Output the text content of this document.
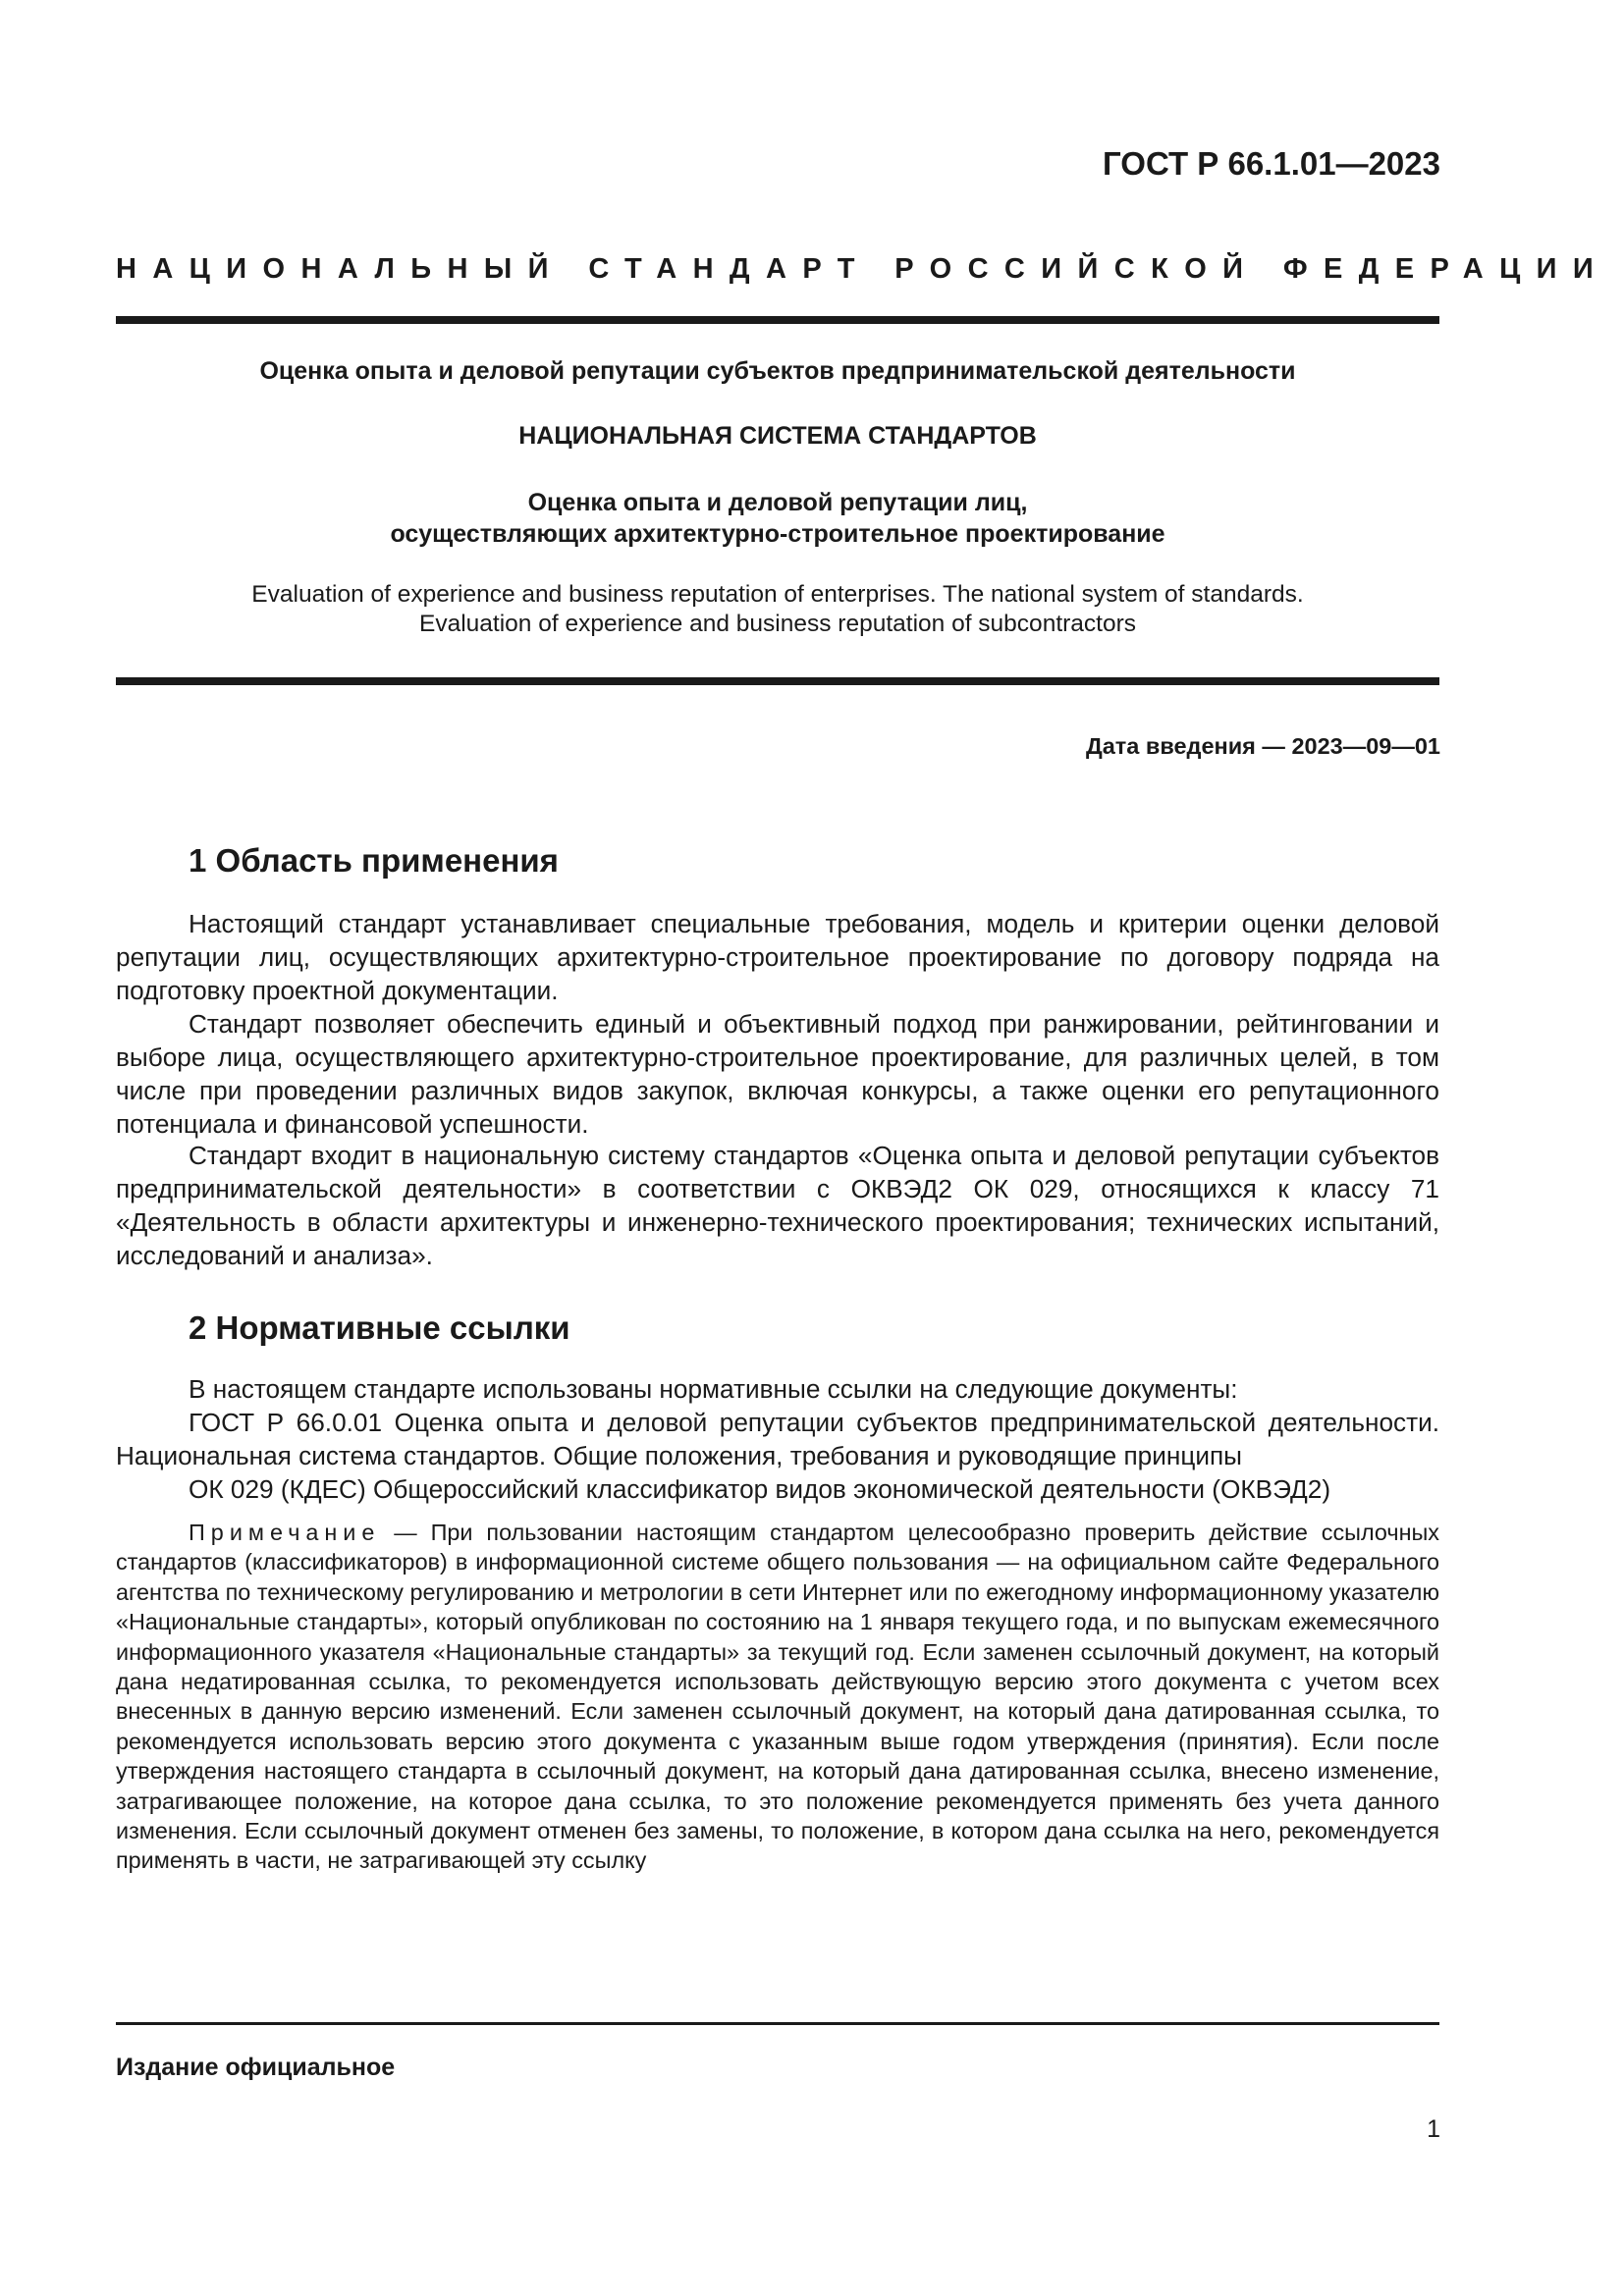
ГОСТ Р 66.1.01—2023
НАЦИОНАЛЬНЫЙ СТАНДАРТ РОССИЙСКОЙ ФЕДЕРАЦИИ
Оценка опыта и деловой репутации субъектов предпринимательской деятельности
НАЦИОНАЛЬНАЯ СИСТЕМА СТАНДАРТОВ
Оценка опыта и деловой репутации лиц,
осуществляющих архитектурно-строительное проектирование
Evaluation of experience and business reputation of enterprises. The national system of standards.
Evaluation of experience and business reputation of subcontractors
Дата введения — 2023—09—01
1 Область применения

Настоящий стандарт устанавливает специальные требования, модель и критерии оценки деловой репутации лиц, осуществляющих архитектурно-строительное проектирование по договору подряда на подготовку проектной документации.

Стандарт позволяет обеспечить единый и объективный подход при ранжировании, рейтинговании и выборе лица, осуществляющего архитектурно-строительное проектирование, для различных целей, в том числе при проведении различных видов закупок, включая конкурсы, а также оценки его репутационного потенциала и финансовой успешности.

Стандарт входит в национальную систему стандартов «Оценка опыта и деловой репутации субъектов предпринимательской деятельности» в соответствии с ОКВЭД2 ОК 029, относящихся к классу 71 «Деятельность в области архитектуры и инженерно-технического проектирования; технических испытаний, исследований и анализа».

2 Нормативные ссылки

В настоящем стандарте использованы нормативные ссылки на следующие документы:

ГОСТ Р 66.0.01 Оценка опыта и деловой репутации субъектов предпринимательской деятельности. Национальная система стандартов. Общие положения, требования и руководящие принципы

ОК 029 (КДЕС) Общероссийский классификатор видов экономической деятельности (ОКВЭД2)

Примечание — При пользовании настоящим стандартом целесообразно проверить действие ссылочных стандартов (классификаторов) в информационной системе общего пользования — на официальном сайте Федерального агентства по техническому регулированию и метрологии в сети Интернет или по ежегодному информационному указателю «Национальные стандарты», который опубликован по состоянию на 1 января текущего года, и по выпускам ежемесячного информационного указателя «Национальные стандарты» за текущий год. Если заменен ссылочный документ, на который дана недатированная ссылка, то рекомендуется использовать действующую версию этого документа с учетом всех внесенных в данную версию изменений. Если заменен ссылочный документ, на который дана датированная ссылка, то рекомендуется использовать версию этого документа с указанным выше годом утверждения (принятия). Если после утверждения настоящего стандарта в ссылочный документ, на который дана датированная ссылка, внесено изменение, затрагивающее положение, на которое дана ссылка, то это положение рекомендуется применять без учета данного изменения. Если ссылочный документ отменен без замены, то положение, в котором дана ссылка на него, рекомендуется применять в части, не затрагивающей эту ссылку

Издание официальное
1
